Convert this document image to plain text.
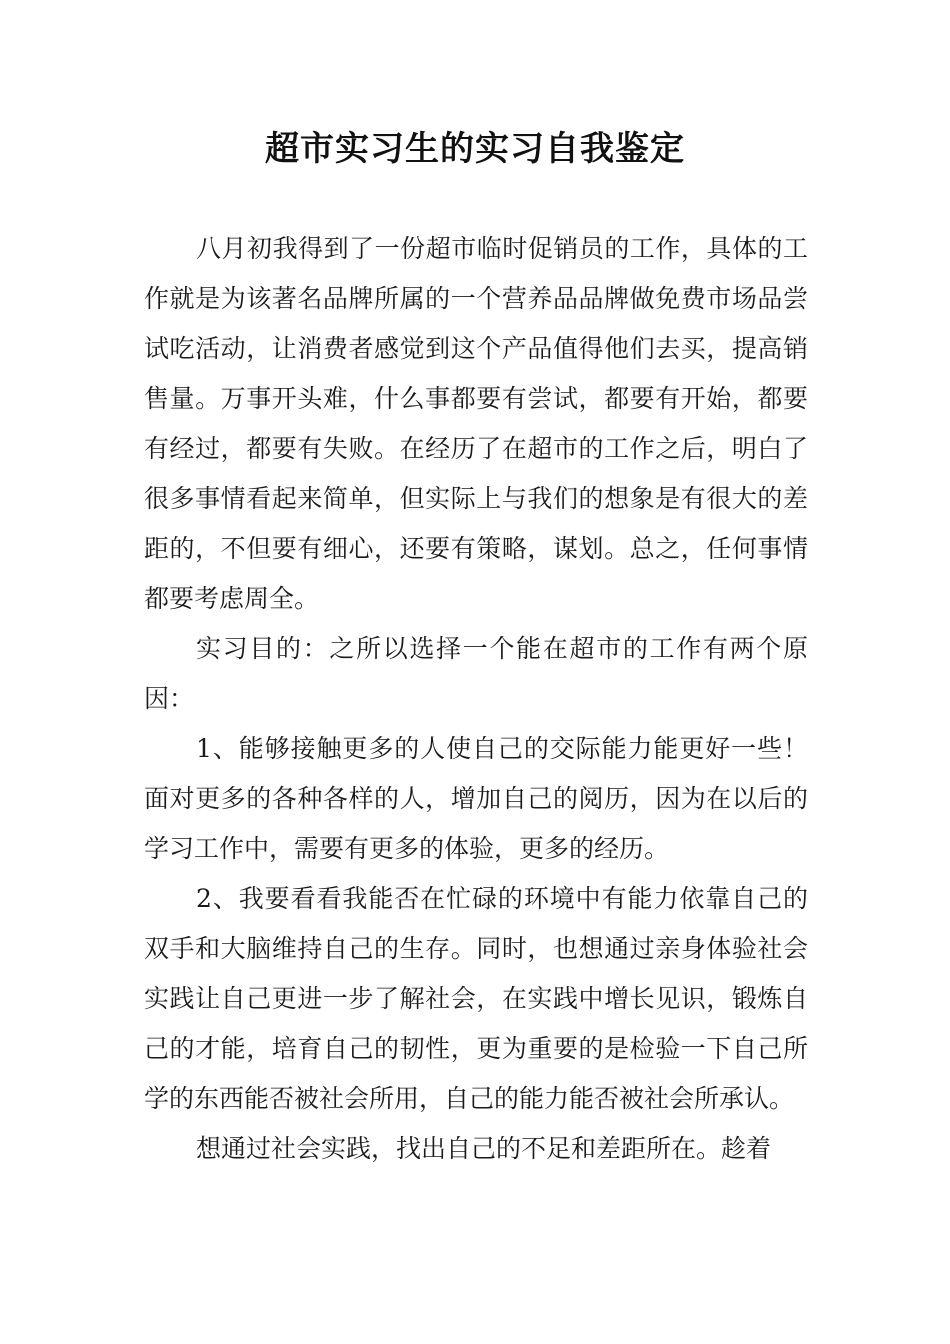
超市实习生的实习自我鉴定

八月初我得到了一份超市临时促销员的工作，具体的工作就是为该著名品牌所属的一个营养品品牌做免费市场品尝试吃活动，让消费者感觉到这个产品值得他们去买，提高销售量。万事开头难，什么事都要有尝试，都要有开始，都要有经过，都要有失败。在经历了在超市的工作之后，明白了很多事情看起来简单，但实际上与我们的想象是有很大的差距的，不但要有细心，还要有策略，谋划。总之，任何事情都要考虑周全。

实习目的：之所以选择一个能在超市的工作有两个原因：

1、能够接触更多的人使自己的交际能力能更好一些！面对更多的各种各样的人，增加自己的阅历，因为在以后的学习工作中，需要有更多的体验，更多的经历。

2、我要看看我能否在忙碌的环境中有能力依靠自己的双手和大脑维持自己的生存。同时，也想通过亲身体验社会实践让自己更进一步了解社会，在实践中增长见识，锻炼自己的才能，培育自己的韧性，更为重要的是检验一下自己所学的东西能否被社会所用，自己的能力能否被社会所承认。

想通过社会实践，找出自己的不足和差距所在。趁着
